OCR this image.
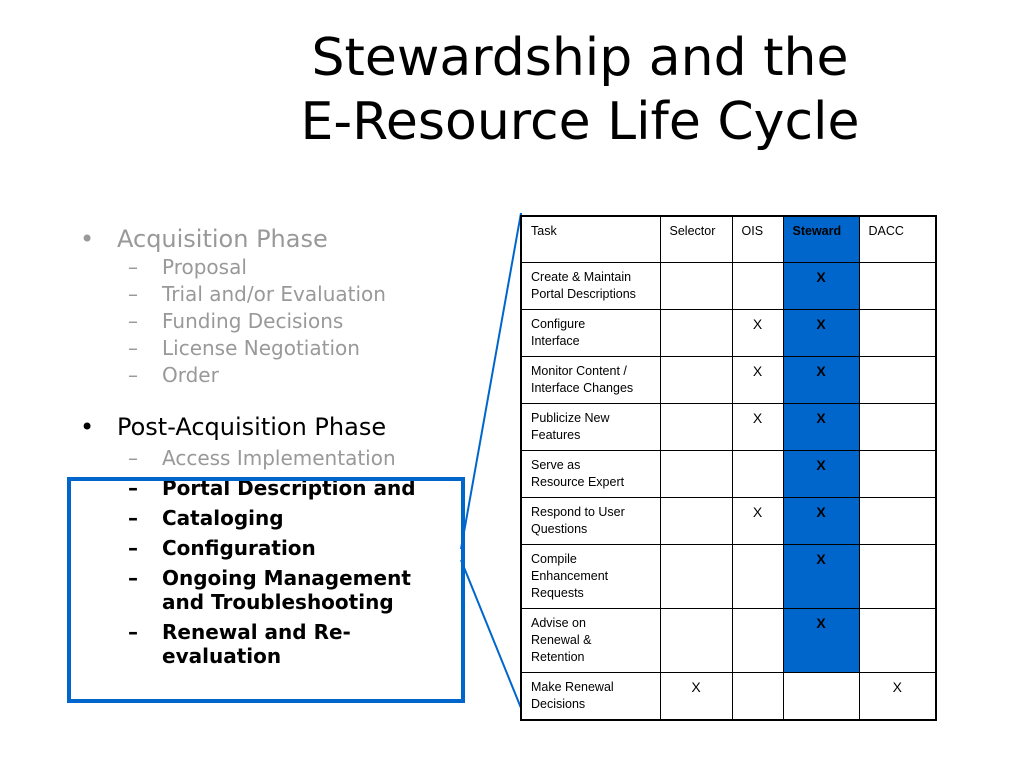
Stewardship and the
E-Resource Life Cycle
• Acquisition Phase
– Proposal
– Trial and/or Evaluation
– Funding Decisions
– License Negotiation
– Order
• Post-Acquisition Phase
– Access Implementation
– Portal Description and
– Cataloging
– Configuration
– Ongoing Management
and Troubleshooting
– Renewal and Re-
evaluation
Task	Selector	OIS	Steward	DACC

Create & Maintain
Portal Descriptions			X	

Configure
Interface		X	X	

Monitor Content /
Interface Changes		X	X	

Publicize New
Features		X	X	

Serve as
Resource Expert			X	

Respond to User
Questions		X	X	

Compile
Enhancement
Requests			X	

Advise on
Renewal &
Retention			X	

Make Renewal
Decisions	X			X
